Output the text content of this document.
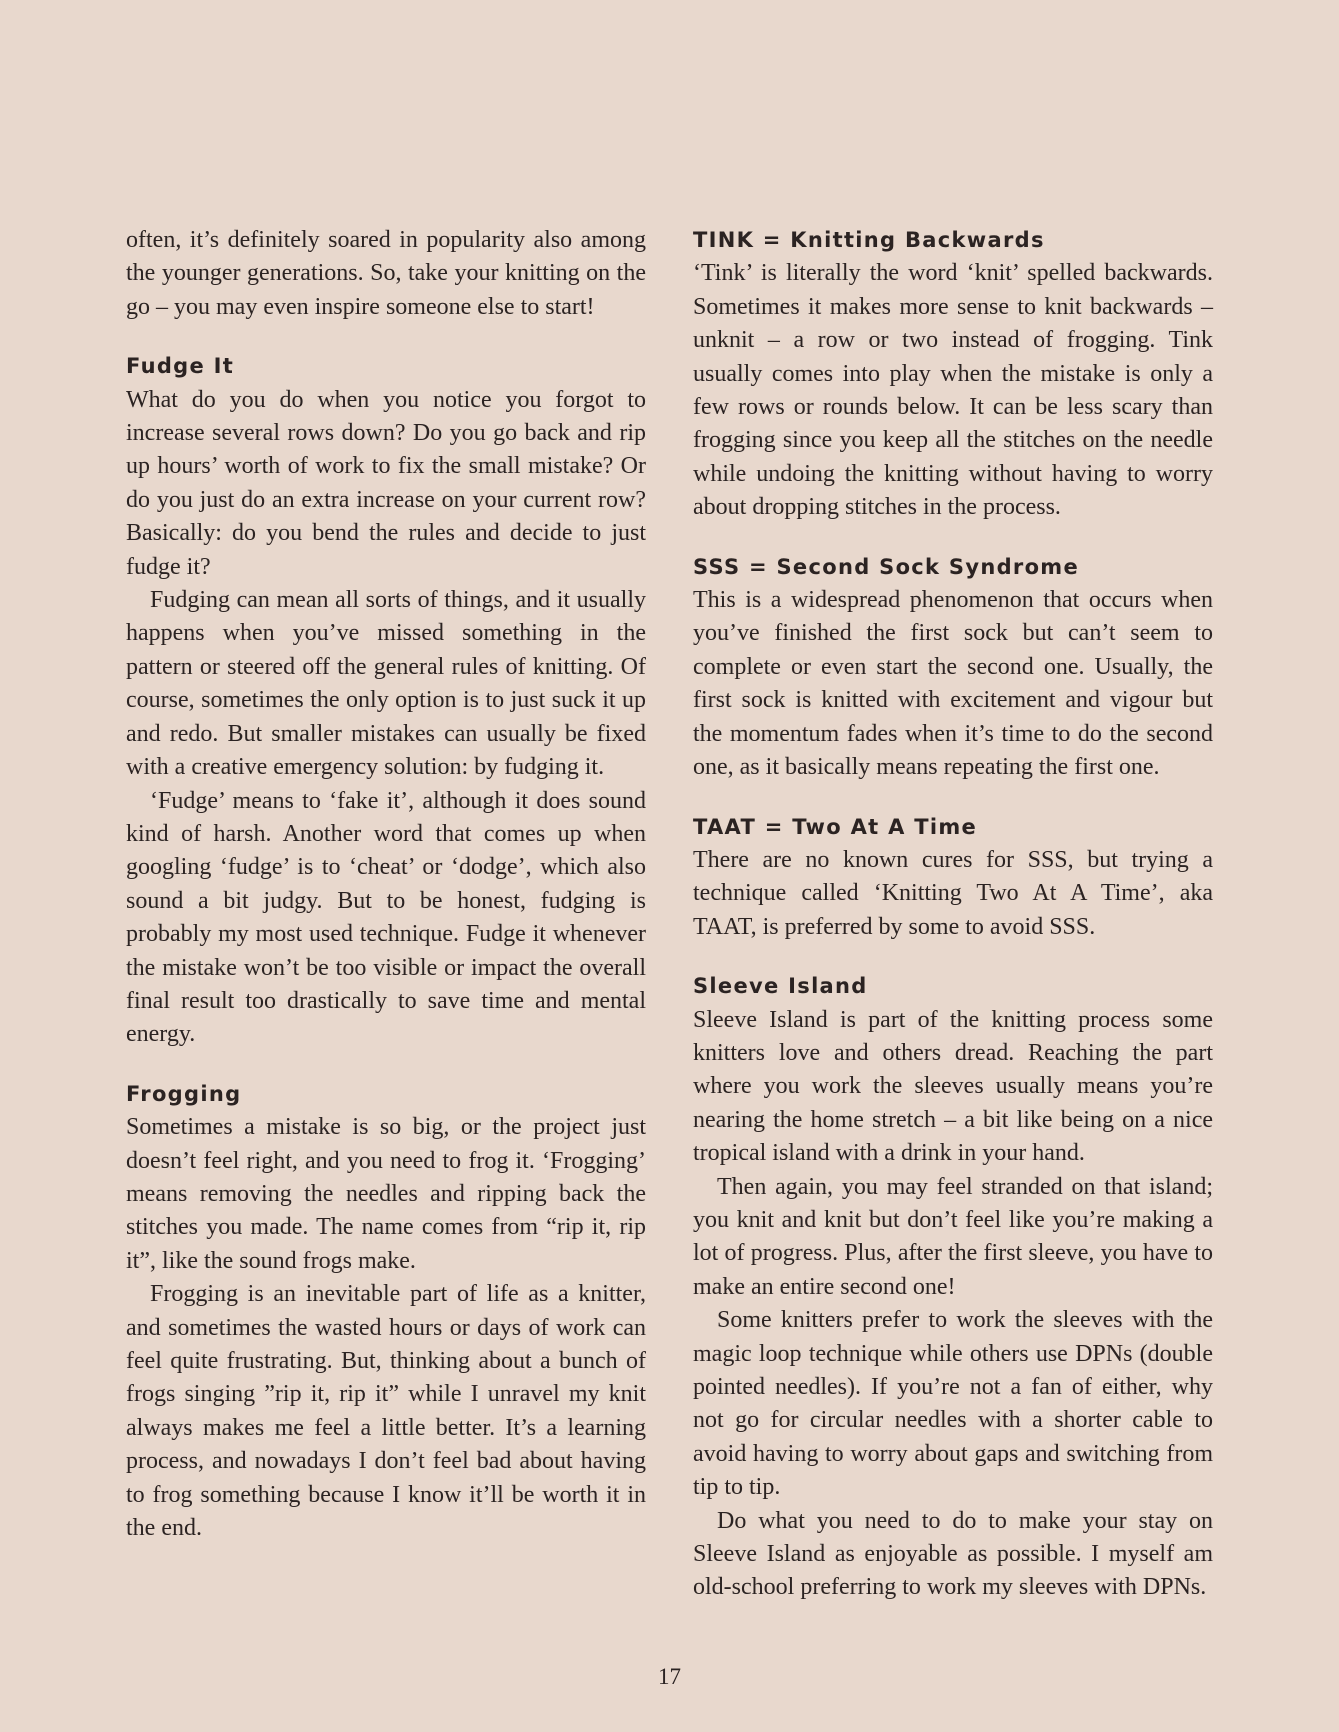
often, it’s definitely soared in popularity also among the younger generations. So, take your knitting on the go – you may even inspire someone else to start!

Fudge It

What do you do when you notice you forgot to increase several rows down? Do you go back and rip up hours’ worth of work to fix the small mistake? Or do you just do an extra increase on your current row? Basically: do you bend the rules and decide to just fudge it?

Fudging can mean all sorts of things, and it usually happens when you’ve missed something in the pattern or steered off the general rules of knitting. Of course, sometimes the only option is to just suck it up and redo. But smaller mistakes can usually be fixed with a creative emergency solution: by fudging it.

‘Fudge’ means to ‘fake it’, although it does sound kind of harsh. Another word that comes up when googling ‘fudge’ is to ‘cheat’ or ‘dodge’, which also sound a bit judgy. But to be honest, fudging is probably my most used technique. Fudge it whenever the mistake won’t be too visible or impact the overall final result too drastically to save time and mental energy.

Frogging

Sometimes a mistake is so big, or the project just doesn’t feel right, and you need to frog it. ‘Frogging’ means removing the needles and ripping back the stitches you made. The name comes from “rip it, rip it”, like the sound frogs make.

Frogging is an inevitable part of life as a knitter, and sometimes the wasted hours or days of work can feel quite frustrating. But, thinking about a bunch of frogs singing ”rip it, rip it” while I unravel my knit always makes me feel a little better. It’s a learning process, and nowadays I don’t feel bad about having to frog something because I know it’ll be worth it in the end.

TINK = Knitting Backwards

‘Tink’ is literally the word ‘knit’ spelled backwards. Sometimes it makes more sense to knit backwards – unknit – a row or two instead of frogging. Tink usually comes into play when the mistake is only a few rows or rounds below. It can be less scary than frogging since you keep all the stitches on the needle while undoing the knitting without having to worry about dropping stitches in the process.

SSS = Second Sock Syndrome

This is a widespread phenomenon that occurs when you’ve finished the first sock but can’t seem to complete or even start the second one. Usually, the first sock is knitted with excitement and vigour but the momentum fades when it’s time to do the second one, as it basically means repeating the first one.

TAAT = Two At A Time

There are no known cures for SSS, but trying a technique called ‘Knitting Two At A Time’, aka TAAT, is preferred by some to avoid SSS.

Sleeve Island

Sleeve Island is part of the knitting process some knitters love and others dread. Reaching the part where you work the sleeves usually means you’re nearing the home stretch – a bit like being on a nice tropical island with a drink in your hand.

Then again, you may feel stranded on that island; you knit and knit but don’t feel like you’re making a lot of progress. Plus, after the first sleeve, you have to make an entire second one!

Some knitters prefer to work the sleeves with the magic loop technique while others use DPNs (double pointed needles). If you’re not a fan of either, why not go for circular needles with a shorter cable to avoid having to worry about gaps and switching from tip to tip.

Do what you need to do to make your stay on Sleeve Island as enjoyable as possible. I myself am old-school preferring to work my sleeves with DPNs.

17
